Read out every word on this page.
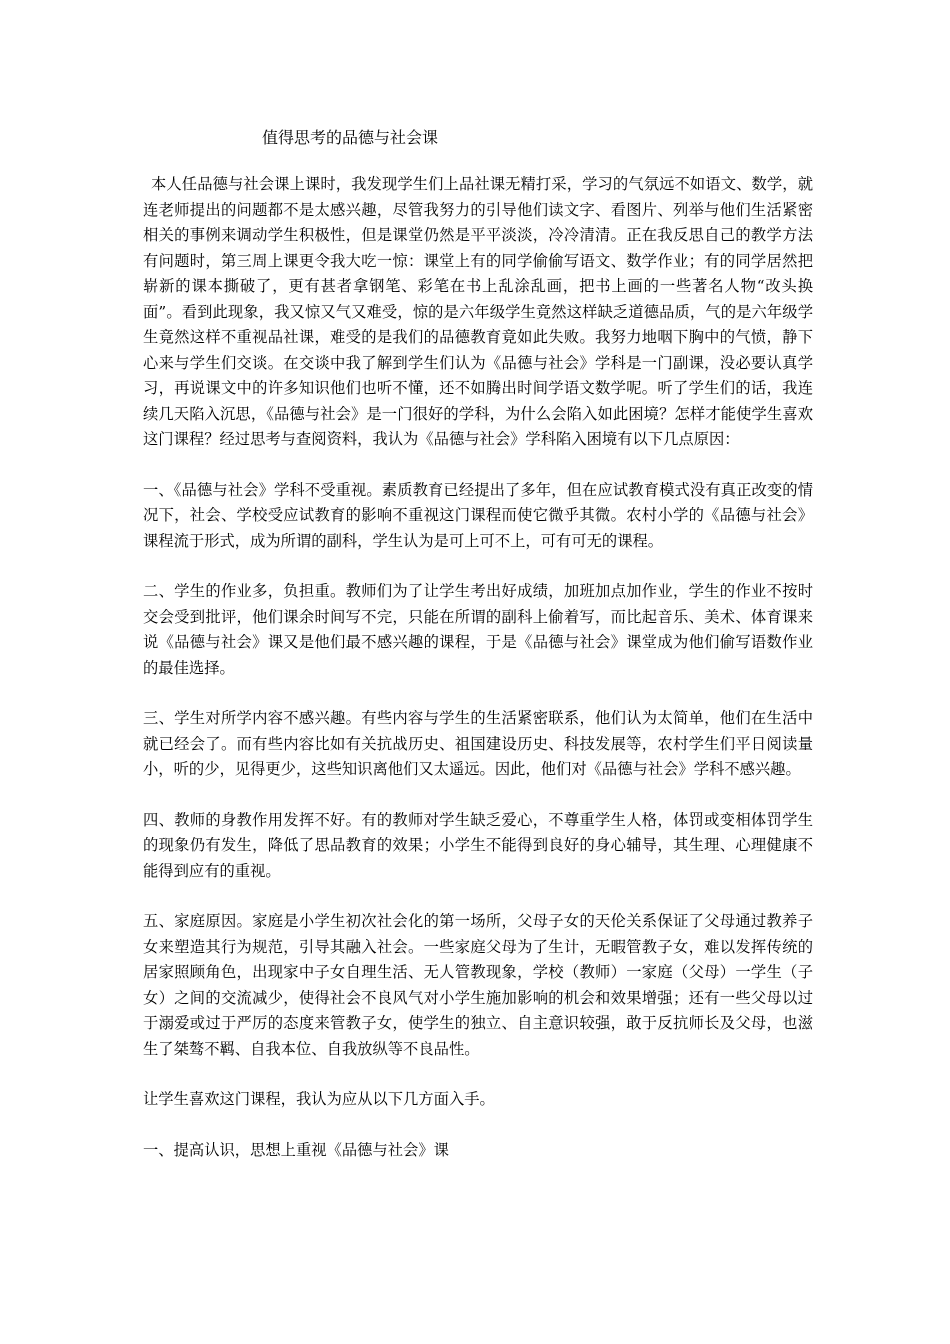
值得思考的品德与社会课

本人任品德与社会课上课时，我发现学生们上品社课无精打采，学习的气氛远不如语文、数学，就连老师提出的问题都不是太感兴趣，尽管我努力的引导他们读文字、看图片、列举与他们生活紧密相关的事例来调动学生积极性，但是课堂仍然是平平淡淡，冷冷清清。正在我反思自己的教学方法有问题时，第三周上课更令我大吃一惊：课堂上有的同学偷偷写语文、数学作业；有的同学居然把崭新的课本撕破了，更有甚者拿钢笔、彩笔在书上乱涂乱画，把书上画的一些著名人物“改头换面”。看到此现象，我又惊又气又难受，惊的是六年级学生竟然这样缺乏道德品质，气的是六年级学生竟然这样不重视品社课，难受的是我们的品德教育竟如此失败。我努力地咽下胸中的气愤，静下心来与学生们交谈。在交谈中我了解到学生们认为《品德与社会》学科是一门副课，没必要认真学习，再说课文中的许多知识他们也听不懂，还不如腾出时间学语文数学呢。听了学生们的话，我连续几天陷入沉思，《品德与社会》是一门很好的学科，为什么会陷入如此困境？怎样才能使学生喜欢这门课程？经过思考与查阅资料，我认为《品德与社会》学科陷入困境有以下几点原因：

一、《品德与社会》学科不受重视。素质教育已经提出了多年，但在应试教育模式没有真正改变的情况下，社会、学校受应试教育的影响不重视这门课程而使它微乎其微。农村小学的《品德与社会》课程流于形式，成为所谓的副科，学生认为是可上可不上，可有可无的课程。

二、学生的作业多，负担重。教师们为了让学生考出好成绩，加班加点加作业，学生的作业不按时交会受到批评，他们课余时间写不完，只能在所谓的副科上偷着写，而比起音乐、美术、体育课来说《品德与社会》课又是他们最不感兴趣的课程，于是《品德与社会》课堂成为他们偷写语数作业的最佳选择。

三、学生对所学内容不感兴趣。有些内容与学生的生活紧密联系，他们认为太简单，他们在生活中就已经会了。而有些内容比如有关抗战历史、祖国建设历史、科技发展等，农村学生们平日阅读量小，听的少，见得更少，这些知识离他们又太遥远。因此，他们对《品德与社会》学科不感兴趣。

四、教师的身教作用发挥不好。有的教师对学生缺乏爱心，不尊重学生人格，体罚或变相体罚学生的现象仍有发生，降低了思品教育的效果；小学生不能得到良好的身心辅导，其生理、心理健康不能得到应有的重视。

五、家庭原因。家庭是小学生初次社会化的第一场所，父母子女的天伦关系保证了父母通过教养子女来塑造其行为规范，引导其融入社会。一些家庭父母为了生计，无暇管教子女，难以发挥传统的居家照顾角色，出现家中子女自理生活、无人管教现象，学校（教师）一家庭（父母）一学生（子女）之间的交流减少，使得社会不良风气对小学生施加影响的机会和效果增强；还有一些父母以过于溺爱或过于严厉的态度来管教子女，使学生的独立、自主意识较强，敢于反抗师长及父母，也滋生了桀骜不羁、自我本位、自我放纵等不良品性。

让学生喜欢这门课程，我认为应从以下几方面入手。

一、提高认识，思想上重视《品德与社会》课
